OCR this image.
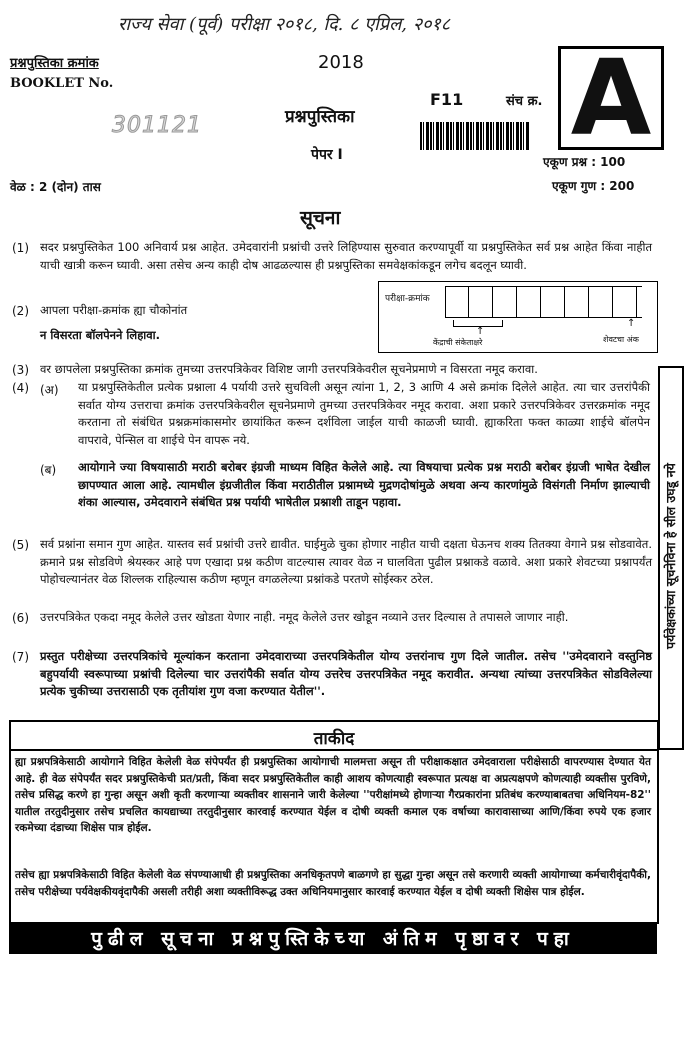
राज्य सेवा (पूर्व) परीक्षा २०१८, दि. ८ एप्रिल, २०१८
प्रश्नपुस्तिका क्रमांक
BOOKLET No.
301121
2018
प्रश्नपुस्तिका
पेपर I
F11	संच क्र. A
एकूण प्रश्न : 100
एकूण गुण : 200
वेळ : 2 (दोन) तास
सूचना
(1) सदर प्रश्नपुस्तिकेत 100 अनिवार्य प्रश्न आहेत. उमेदवारांनी प्रश्नांची उत्तरे लिहिण्यास सुरुवात करण्यापूर्वी या प्रश्नपुस्तिकेत सर्व प्रश्न आहेत किंवा नाहीत याची खात्री करून घ्यावी. असा तसेच अन्य काही दोष आढळल्यास ही प्रश्नपुस्तिका समवेक्षकांकडून लगेच बदलून घ्यावी.
(2) आपला परीक्षा-क्रमांक ह्या चौकोनांत
न विसरता बॉलपेनने लिहावा.
परीक्षा-क्रमांक
↑
केंद्राची संकेताक्षरे
↑
शेवटचा अंक
(3) वर छापलेला प्रश्नपुस्तिका क्रमांक तुमच्या उत्तरपत्रिकेवर विशिष्ट जागी उत्तरपत्रिकेवरील सूचनेप्रमाणे न विसरता नमूद करावा.
(4) (अ) या प्रश्नपुस्तिकेतील प्रत्येक प्रश्नाला 4 पर्यायी उत्तरे सुचविली असून त्यांना 1, 2, 3 आणि 4 असे क्रमांक दिलेले आहेत. त्या चार उत्तरांपैकी सर्वात योग्य उत्तराचा क्रमांक उत्तरपत्रिकेवरील सूचनेप्रमाणे तुमच्या उत्तरपत्रिकेवर नमूद करावा. अशा प्रकारे उत्तरपत्रिकेवर उत्तरक्रमांक नमूद करताना तो संबंधित प्रश्नक्रमांकासमोर छायांकित करून दर्शविला जाईल याची काळजी घ्यावी. ह्याकरिता फक्त काळ्या शाईचे बॉलपेन वापरावे, पेन्सिल वा शाईचे पेन वापरू नये.
(ब) आयोगाने ज्या विषयासाठी मराठी बरोबर इंग्रजी माध्यम विहित केलेले आहे. त्या विषयाचा प्रत्येक प्रश्न मराठी बरोबर इंग्रजी भाषेत देखील छापण्यात आला आहे. त्यामधील इंग्रजीतील किंवा मराठीतील प्रश्नामध्ये मुद्रणदोषांमुळे अथवा अन्य कारणांमुळे विसंगती निर्माण झाल्याची शंका आल्यास, उमेदवाराने संबंधित प्रश्न पर्यायी भाषेतील प्रश्नाशी ताडून पहावा.
(5) सर्व प्रश्नांना समान गुण आहेत. यास्तव सर्व प्रश्नांची उत्तरे द्यावीत. घाईमुळे चुका होणार नाहीत याची दक्षता घेऊनच शक्य तितक्या वेगाने प्रश्न सोडवावेत. क्रमाने प्रश्न सोडविणे श्रेयस्कर आहे पण एखादा प्रश्न कठीण वाटल्यास त्यावर वेळ न घालविता पुढील प्रश्नाकडे वळावे. अशा प्रकारे शेवटच्या प्रश्नापर्यंत पोहोचल्यानंतर वेळ शिल्लक राहिल्यास कठीण म्हणून वगळलेल्या प्रश्नांकडे परतणे सोईस्कर ठरेल.
(6) उत्तरपत्रिकेत एकदा नमूद केलेले उत्तर खोडता येणार नाही. नमूद केलेले उत्तर खोडून नव्याने उत्तर दिल्यास ते तपासले जाणार नाही.
(7) प्रस्तुत परीक्षेच्या उत्तरपत्रिकांचे मूल्यांकन करताना उमेदवाराच्या उत्तरपत्रिकेतील योग्य उत्तरांनाच गुण दिले जातील. तसेच ''उमेदवाराने वस्तुनिष्ठ बहुपर्यायी स्वरूपाच्या प्रश्नांची दिलेल्या चार उत्तरांपैकी सर्वात योग्य उत्तरेच उत्तरपत्रिकेत नमूद करावीत. अन्यथा त्यांच्या उत्तरपत्रिकेत सोडविलेल्या प्रत्येक चुकीच्या उत्तरासाठी एक तृतीयांश गुण वजा करण्यात येतील''.
पर्यवेक्षकांच्या सूचनेविना हे सील उघडू नये
ताकीद
ह्या प्रश्नपत्रिकेसाठी आयोगाने विहित केलेली वेळ संपेपर्यंत ही प्रश्नपुस्तिका आयोगाची मालमत्ता असून ती परीक्षाकक्षात उमेदवाराला परीक्षेसाठी वापरण्यास देण्यात येत आहे. ही वेळ संपेपर्यंत सदर प्रश्नपुस्तिकेची प्रत/प्रती, किंवा सदर प्रश्नपुस्तिकेतील काही आशय कोणत्याही स्वरूपात प्रत्यक्ष वा अप्रत्यक्षपणे कोणत्याही व्यक्तीस पुरविणे, तसेच प्रसिद्ध करणे हा गुन्हा असून अशी कृती करणाऱ्या व्यक्तीवर शासनाने जारी केलेल्या ''परीक्षांमध्ये होणाऱ्या गैरप्रकारांना प्रतिबंध करण्याबाबतचा अधिनियम-82'' यातील तरतुदीनुसार तसेच प्रचलित कायद्याच्या तरतुदीनुसार कारवाई करण्यात येईल व दोषी व्यक्ती कमाल एक वर्षाच्या कारावासाच्या आणि/किंवा रुपये एक हजार रकमेच्या दंडाच्या शिक्षेस पात्र होईल.
तसेच ह्या प्रश्नपत्रिकेसाठी विहित केलेली वेळ संपण्याआधी ही प्रश्नपुस्तिका अनधिकृतपणे बाळगणे हा सुद्धा गुन्हा असून तसे करणारी व्यक्ती आयोगाच्या कर्मचारीवृंदापैकी, तसेच परीक्षेच्या पर्यवेक्षकीयवृंदापैकी असली तरीही अशा व्यक्तीविरूद्ध उक्त अधिनियमानुसार कारवाई करण्यात येईल व दोषी व्यक्ती शिक्षेस पात्र होईल.
पुढील सूचना प्रश्नपुस्तिकेच्या अंतिम पृष्ठावर पहा
